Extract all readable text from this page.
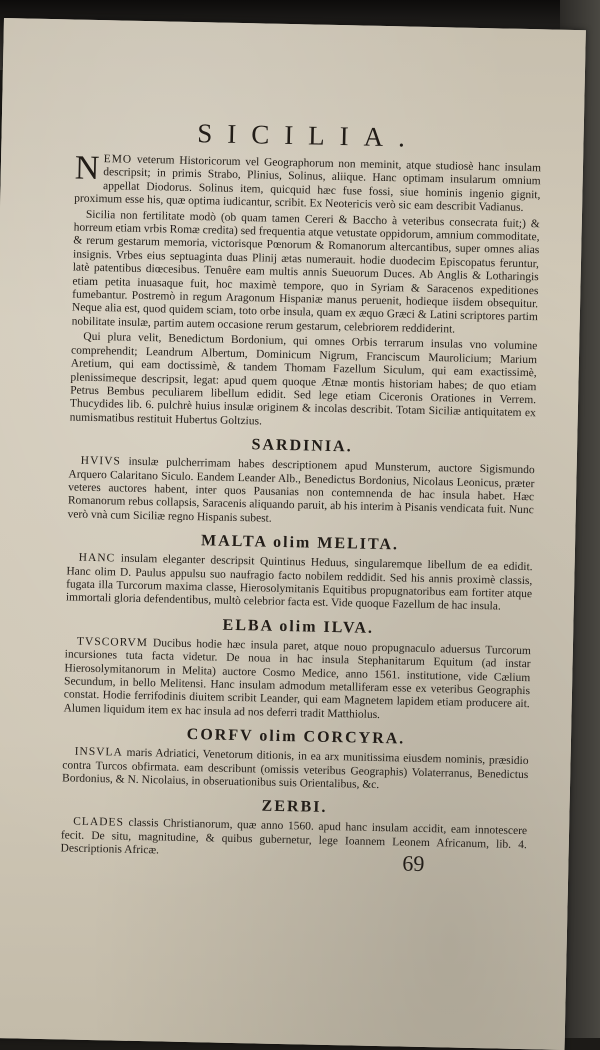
SICILIA.

NEMO veterum Historicorum vel Geographorum non meminit, atque studiosè hanc insulam descripsit; in primis Strabo, Plinius, Solinus, aliique. Hanc optimam insularum omnium appellat Diodorus. Solinus item, quicquid hæc fuse fossi, siue hominis ingenio gignit, proximum esse his, quæ optima iudicantur, scribit. Ex Neotericis verò sic eam describit Vadianus.

Sicilia non fertilitate modò (ob quam tamen Cereri & Baccho à veteribus consecrata fuit;) & horreum etiam vrbis Romæ credita) sed frequentia atque vetustate oppidorum, amnium commoditate, & rerum gestarum memoria, victorisque Pœnorum & Romanorum altercantibus, super omnes alias insignis. Vrbes eius septuaginta duas Plinij ætas numerauit. hodie duodecim Episcopatus feruntur, latè patentibus diœcesibus. Tenuêre eam multis annis Sueuorum Duces. Ab Anglis & Lotharingis etiam petita inuasaque fuit, hoc maximè tempore, quo in Syriam & Saracenos expeditiones fumebantur. Postremò in regum Aragonum Hispaniæ manus peruenit, hodieque iisdem obsequitur. Neque alia est, quod quidem sciam, toto orbe insula, quam ex æquo Græci & Latini scriptores partim nobilitate insulæ, partim autem occasione rerum gestarum, celebriorem reddiderint.

Qui plura velit, Benedictum Bordonium, qui omnes Orbis terrarum insulas vno volumine comprehendit; Leandrum Albertum, Dominicum Nigrum, Franciscum Maurolicium; Marium Aretium, qui eam doctissimè, & tandem Thomam Fazellum Siculum, qui eam exactissimè, plenissimeque descripsit, legat: apud quem quoque Ætnæ montis historiam habes; de quo etiam Petrus Bembus peculiarem libellum edidit. Sed lege etiam Ciceronis Orationes in Verrem. Thucydides lib. 6. pulchrè huius insulæ originem & incolas describit. Totam Siciliæ antiquitatem ex numismatibus restituit Hubertus Goltzius.

SARDINIA.

HVIVS insulæ pulcherrimam habes descriptionem apud Munsterum, auctore Sigismundo Arquero Calaritano Siculo. Eandem Leander Alb., Benedictus Bordonius, Nicolaus Leonicus, præter veteres auctores habent, inter quos Pausanias non contemnenda de hac insula habet. Hæc Romanorum rebus collapsis, Saracenis aliquando paruit, ab his interim à Pisanis vendicata fuit. Nunc verò vnà cum Siciliæ regno Hispanis subest.

MALTA olim MELITA.

HANC insulam eleganter descripsit Quintinus Heduus, singularemque libellum de ea edidit. Hanc olim D. Paulus appulsu suo naufragio facto nobilem reddidit. Sed his annis proximè classis, fugata illa Turcorum maxima classe, Hierosolymitanis Equitibus propugnatoribus eam fortiter atque immortali gloria defendentibus, multò celebrior facta est. Vide quoque Fazellum de hac insula.

ELBA olim ILVA.

TVSCORVM Ducibus hodie hæc insula paret, atque nouo propugnaculo aduersus Turcorum incursiones tuta facta videtur. De noua in hac insula Stephanitarum Equitum (ad instar Hierosolymitanorum in Melita) auctore Cosmo Medice, anno 1561. institutione, vide Cælium Secundum, in bello Melitensi. Hanc insulam admodum metalliferam esse ex veteribus Geographis constat. Hodie ferrifodinis diuitem scribit Leander, qui eam Magnetem lapidem etiam producere ait. Alumen liquidum item ex hac insula ad nos deferri tradit Matthiolus.

CORFV olim CORCYRA.

INSVLA maris Adriatici, Venetorum ditionis, in ea arx munitissima eiusdem nominis, præsidio contra Turcos obfirmata. eam describunt (omissis veteribus Geographis) Volaterranus, Benedictus Bordonius, & N. Nicolaius, in obseruationibus suis Orientalibus, &c.

ZERBI.

CLADES classis Christianorum, quæ anno 1560. apud hanc insulam accidit, eam innotescere fecit. De situ, magnitudine, & quibus gubernetur, lege Ioannem Leonem Africanum, lib. 4. Descriptionis Africæ.

69
